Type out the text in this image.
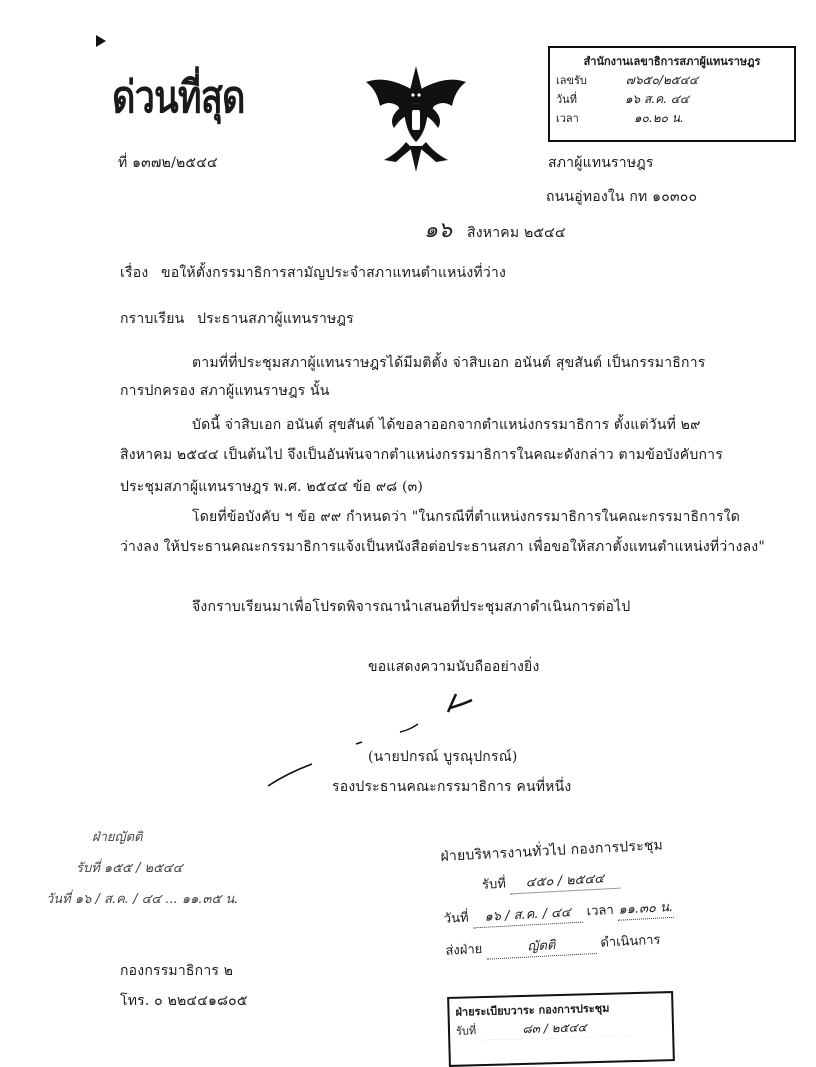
ด่วนที่สุด
ที่ ๑๓๗๒/๒๕๔๔
สำนักงานเลขาธิการสภาผู้แทนราษฎร
เลขรับ	๗๖๕๐/๒๕๔๔
วันที่	๑๖ ส.ค. ๔๔
เวลา	๑๐.๒๐ น.
สภาผู้แทนราษฎร
ถนนอู่ทองใน กท ๑๐๓๐๐
๑๖ สิงหาคม ๒๕๔๔
เรื่อง ขอให้ตั้งกรรมาธิการสามัญประจำสภาแทนตำแหน่งที่ว่าง
กราบเรียน ประธานสภาผู้แทนราษฎร
ตามที่ที่ประชุมสภาผู้แทนราษฎรได้มีมติตั้ง จ่าสิบเอก อนันต์ สุขสันต์ เป็นกรรมาธิการ
การปกครอง สภาผู้แทนราษฎร นั้น
บัดนี้ จ่าสิบเอก อนันต์ สุขสันต์ ได้ขอลาออกจากตำแหน่งกรรมาธิการ ตั้งแต่วันที่ ๒๙
สิงหาคม ๒๕๔๔ เป็นต้นไป จึงเป็นอันพ้นจากตำแหน่งกรรมาธิการในคณะดังกล่าว ตามข้อบังคับการ
ประชุมสภาผู้แทนราษฎร พ.ศ. ๒๕๔๔ ข้อ ๙๘ (๓)
โดยที่ข้อบังคับ ฯ ข้อ ๙๙ กำหนดว่า "ในกรณีที่ตำแหน่งกรรมาธิการในคณะกรรมาธิการใด
ว่างลง ให้ประธานคณะกรรมาธิการแจ้งเป็นหนังสือต่อประธานสภา เพื่อขอให้สภาตั้งแทนตำแหน่งที่ว่างลง"
จึงกราบเรียนมาเพื่อโปรดพิจารณานำเสนอที่ประชุมสภาดำเนินการต่อไป
ขอแสดงความนับถืออย่างยิ่ง
(นายปกรณ์ บูรณุปกรณ์)
รองประธานคณะกรรมาธิการ คนที่หนึ่ง
ฝ่ายญัตติ
รับที่ ๑๕๕ / ๒๕๔๔
วันที่ ๑๖ / ส.ค. / ๔๔ ... ๑๑.๓๕ น.
ฝ่ายบริหารงานทั่วไป กองการประชุม
รับที่ ๔๕๐ / ๒๕๔๔
วันที่ ๑๖ / ส.ค. / ๔๔ เวลา ๑๑.๓๐ น.
ส่งฝ่าย	ญัตติ	ดำเนินการ
ฝ่ายระเบียบวาระ กองการประชุม
รับที่	๘๓ / ๒๕๔๔
กองกรรมาธิการ ๒
โทร. ๐ ๒๒๔๔๑๘๐๕
